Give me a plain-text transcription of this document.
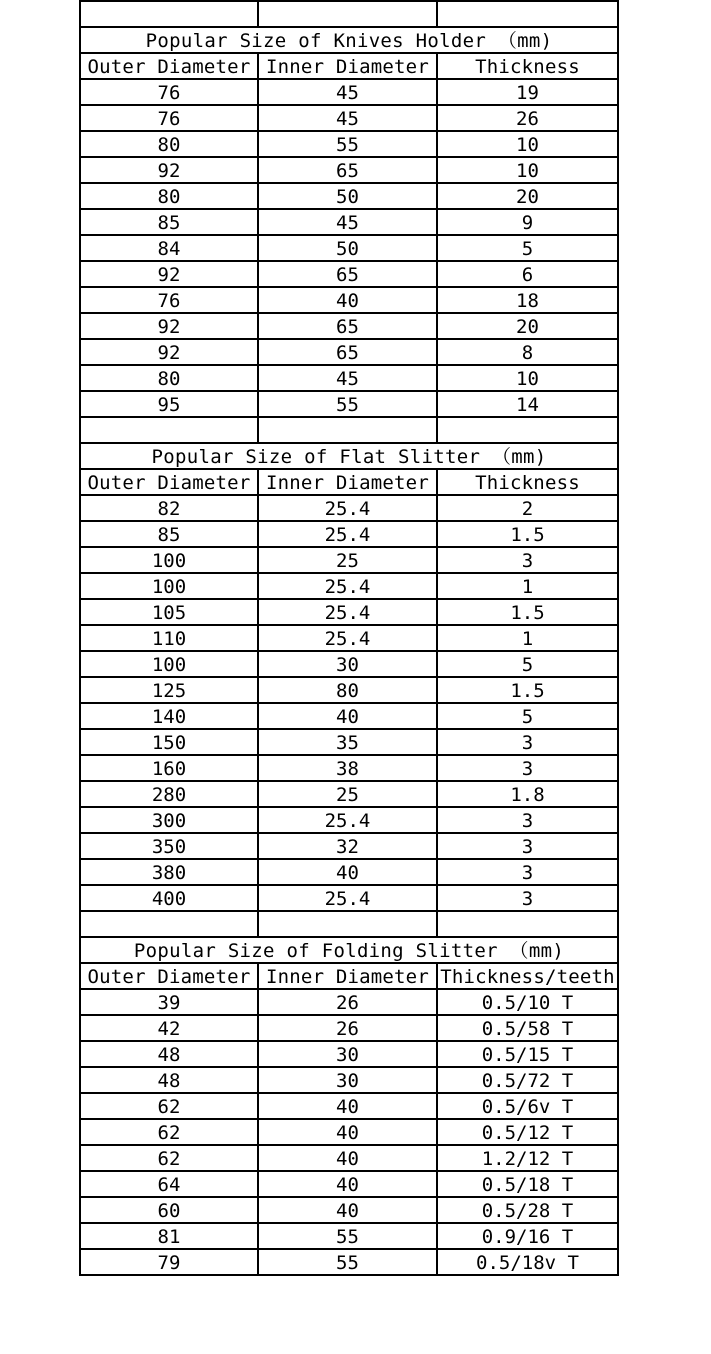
Popular Size of Knives Holder （mm)		
Outer Diameter	Inner Diameter	Thickness
76	45	19
76	45	26
80	55	10
92	65	10
80	50	20
85	45	9
84	50	5
92	65	6
76	40	18
92	65	20
92	65	8
80	45	10
95	55	14

Popular Size of Flat Slitter （mm)		
Outer Diameter	Inner Diameter	Thickness
82	25.4	2
85	25.4	1.5
100	25	3
100	25.4	1
105	25.4	1.5
110	25.4	1
100	30	5
125	80	1.5
140	40	5
150	35	3
160	38	3
280	25	1.8
300	25.4	3
350	32	3
380	40	3
400	25.4	3

Popular Size of Folding Slitter （mm)		
Outer Diameter	Inner Diameter	Thickness/teeth
39	26	0.5/10 T
42	26	0.5/58 T
48	30	0.5/15 T
48	30	0.5/72 T
62	40	0.5/6v T
62	40	0.5/12 T
62	40	1.2/12 T
64	40	0.5/18 T
60	40	0.5/28 T
81	55	0.9/16 T
79	55	0.5/18v T
